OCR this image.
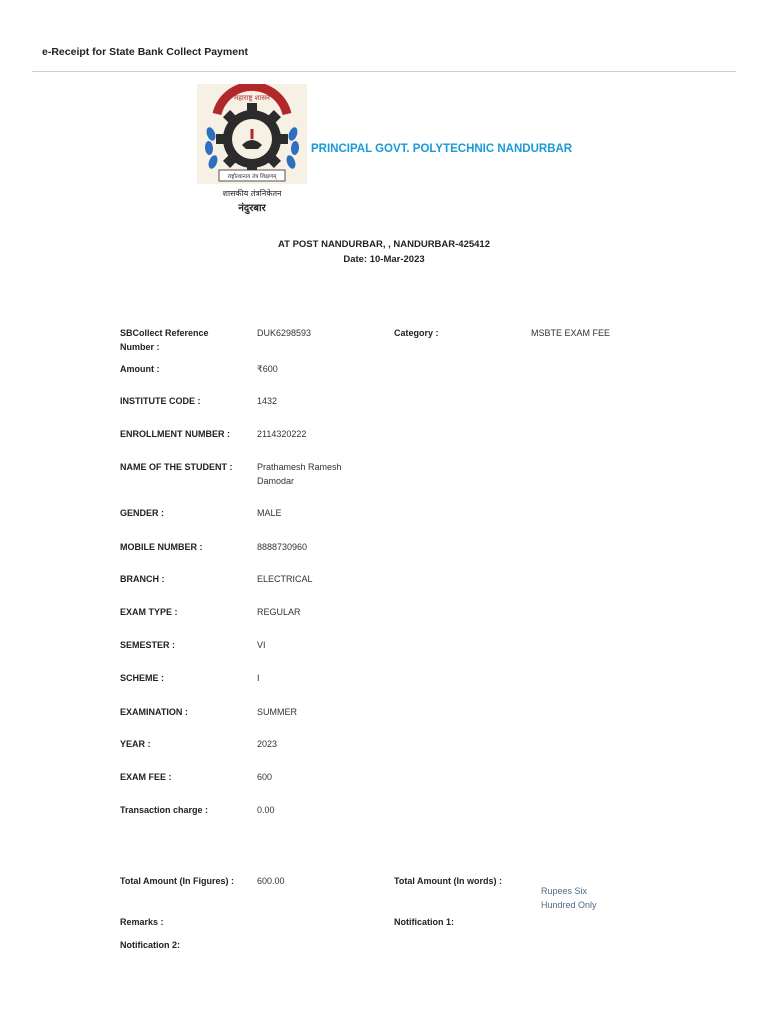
e-Receipt for State Bank Collect Payment
महाराष्ट्र शासन
राष्ट्रोत्थानाय तंत्र शिक्षणम्
शासकीय तंत्रनिकेतन
नंदुरबार
PRINCIPAL GOVT. POLYTECHNIC NANDURBAR
AT POST NANDURBAR, , NANDURBAR-425412
Date: 10-Mar-2023
SBCollect Reference
Number :
DUK6298593	Category :	MSBTE EXAM FEE
Amount :	₹600
INSTITUTE CODE :	1432
ENROLLMENT NUMBER :	2114320222
NAME OF THE STUDENT :	Prathamesh Ramesh
Damodar
GENDER :	MALE
MOBILE NUMBER :	8888730960
BRANCH :	ELECTRICAL
EXAM TYPE :	REGULAR
SEMESTER :	VI
SCHEME :	I
EXAMINATION :	SUMMER
YEAR :	2023
EXAM FEE :	600
Transaction charge :	0.00
Total Amount (In Figures) :	600.00	Total Amount (In words) :
Rupees Six
Hundred Only
Remarks :	Notification 1:
Notification 2:
